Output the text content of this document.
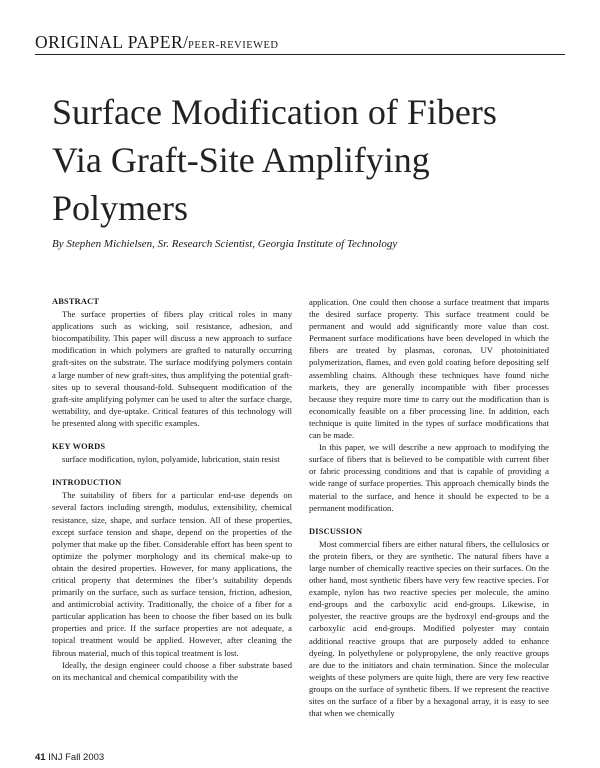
ORIGINAL PAPER/PEER-REVIEWED
Surface Modification of Fibers
Via Graft-Site Amplifying
Polymers
By Stephen Michielsen, Sr. Research Scientist, Georgia Institute of Technology

ABSTRACT

The surface properties of fibers play critical roles in many applications such as wicking, soil resistance, adhesion, and biocompatibility. This paper will discuss a new approach to surface modification in which polymers are grafted to naturally occurring graft-sites on the substrate. The surface modifying polymers contain a large number of new graft-sites, thus amplifying the potential graft-sites up to several thousand-fold. Subsequent modification of the graft-site amplifying polymer can be used to alter the surface charge, wettability, and dye-uptake. Critical features of this technology will be presented along with specific examples.

KEY WORDS

surface modification, nylon, polyamide, lubrication, stain resist

INTRODUCTION

The suitability of fibers for a particular end-use depends on several factors including strength, modulus, extensibility, chemical resistance, size, shape, and surface tension. All of these properties, except surface tension and shape, depend on the properties of the polymer that make up the fiber. Considerable effort has been spent to optimize the polymer morphology and its chemical make-up to obtain the desired properties. However, for many applications, the critical property that determines the fiber’s suitability depends primarily on the surface, such as surface tension, friction, adhesion, and antimicrobial activity. Traditionally, the choice of a fiber for a particular application has been to choose the fiber based on its bulk properties and price. If the surface properties are not adequate, a topical treatment would be applied. However, after cleaning the fibrous material, much of this topical treatment is lost.

Ideally, the design engineer could choose a fiber substrate based on its mechanical and chemical compatibility with the

application. One could then choose a surface treatment that imparts the desired surface property. This surface treatment could be permanent and would add significantly more value than cost. Permanent surface modifications have been developed in which the fibers are treated by plasmas, coronas, UV photoinitiated polymerization, flames, and even gold coating before depositing self assembling chains. Although these techniques have found niche markets, they are generally incompatible with fiber processes because they require more time to carry out the modification than is economically feasible on a fiber processing line. In addition, each technique is quite limited in the types of surface modifications that can be made.

In this paper, we will describe a new approach to modifying the surface of fibers that is believed to be compatible with current fiber or fabric processing conditions and that is capable of providing a wide range of surface properties. This approach chemically binds the material to the surface, and hence it should be expected to be a permanent modification.

DISCUSSION

Most commercial fibers are either natural fibers, the cellulosics or the protein fibers, or they are synthetic. The natural fibers have a large number of chemically reactive species on their surfaces. On the other hand, most synthetic fibers have very few reactive species. For example, nylon has two reactive species per molecule, the amino end-groups and the carboxylic acid end-groups. Likewise, in polyester, the reactive groups are the hydroxyl end-groups and the carboxylic acid end-groups. Modified polyester may contain additional reactive groups that are purposely added to enhance dyeing. In polyethylene or polypropylene, the only reactive groups are due to the initiators and chain termination. Since the molecular weights of these polymers are quite high, there are very few reactive groups on the surface of synthetic fibers. If we represent the reactive sites on the surface of a fiber by a hexagonal array, it is easy to see that when we chemically

41 INJ Fall 2003
